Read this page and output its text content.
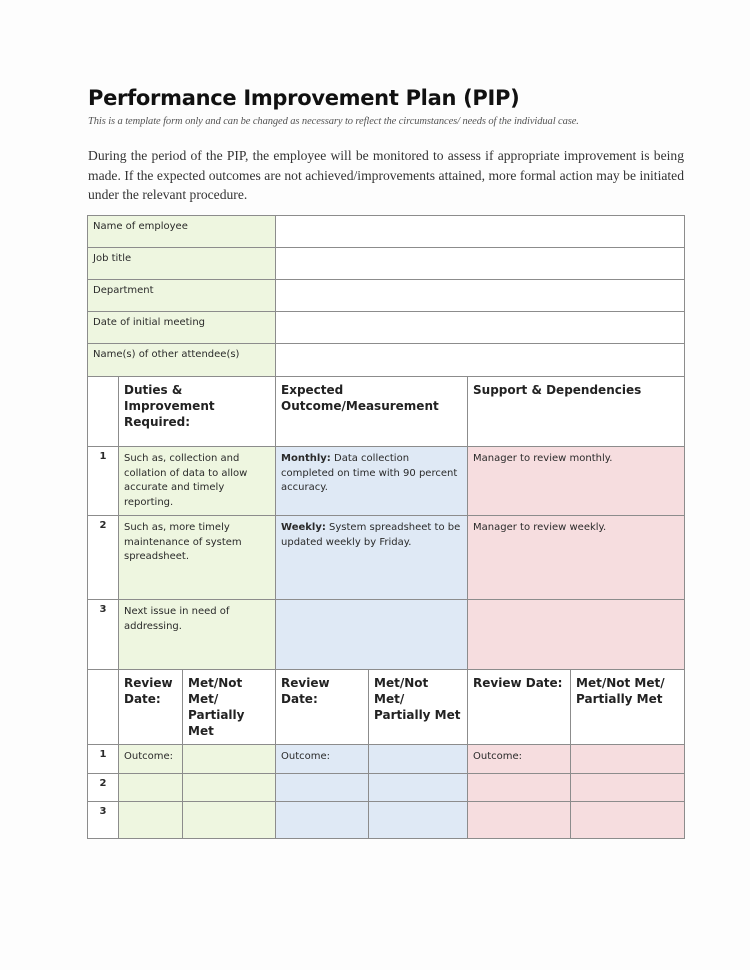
Performance Improvement Plan (PIP)
This is a template form only and can be changed as necessary to reflect the circumstances/ needs of the individual case.
During the period of the PIP, the employee will be monitored to assess if appropriate improvement is being made. If the expected outcomes are not achieved/improvements attained, more formal action may be initiated under the relevant procedure.
Name of employee						
Job title						
Department						
Date of initial meeting						
Name(s) of other attendee(s)						
	Duties & Improvement Required:		Expected Outcome/Measurement		Support & Dependencies	
1	Such as, collection and collation of data to allow accurate and timely reporting.		Monthly: Data collection completed on time with 90 percent accuracy.		Manager to review monthly.	
2	Such as, more timely maintenance of system spreadsheet.		Weekly: System spreadsheet to be updated weekly by Friday.		Manager to review weekly.	
3	Next issue in need of addressing.					
	Review Date:	Met/Not Met/ Partially Met	Review Date:	Met/Not Met/ Partially Met	Review Date:	Met/Not Met/ Partially Met
1	Outcome:		Outcome:		Outcome:	
2						
3						
